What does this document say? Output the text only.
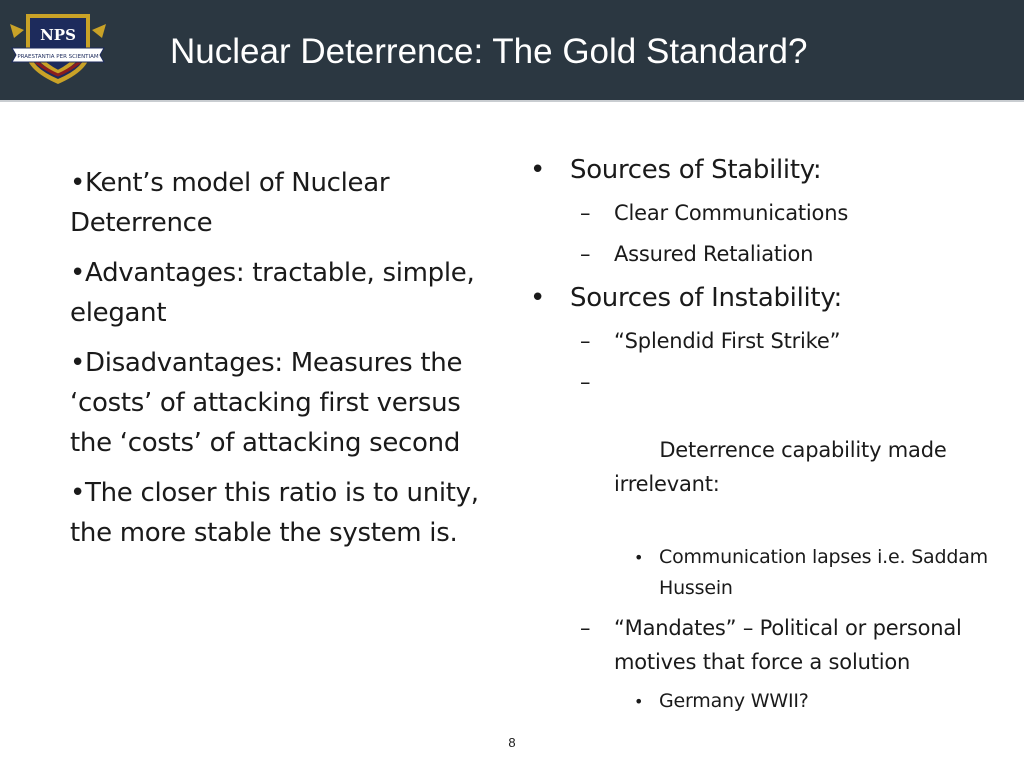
NPS
PRAESTANTIA PER SCIENTIAM Nuclear Deterrence: The Gold Standard?
•Kent’s model of Nuclear Deterrence
•Advantages: tractable, simple, elegant
•Disadvantages: Measures the ‘costs’ of attacking first versus the ‘costs’ of attacking second
•The closer this ratio is to unity, the more stable the system is.
• Sources of Stability:
– Clear Communications
– Assured Retaliation
• Sources of Instability:
– “Splendid First Strike”

–

Deterrence capability made irrelevant:

• Communication lapses i.e. Saddam Hussein
– “Mandates” – Political or personal motives that force a solution
• Germany WWII?
8
